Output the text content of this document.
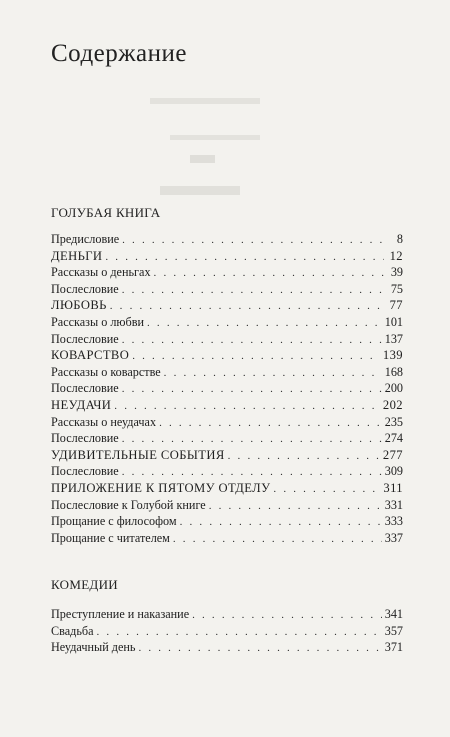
Содержание
ГОЛУБАЯ КНИГА
Предисловие . . .	8
ДЕНЬГИ . . .	12
Рассказы о деньгах . . .	39
Послесловие . . .	75
ЛЮБОВЬ . . .	77
Рассказы о любви . . .	101
Послесловие . . .	137
КОВАРСТВО . . .	139
Рассказы о коварстве . . .	168
Послесловие . . .	200
НЕУДАЧИ . . .	202
Рассказы о неудачах . . .	235
Послесловие . . .	274
УДИВИТЕЛЬНЫЕ СОБЫТИЯ . . .	277
Послесловие . . .	309
ПРИЛОЖЕНИЕ К ПЯТОМУ ОТДЕЛУ . . .	311
Послесловие к Голубой книге . . .	331
Прощание с философом . . .	333
Прощание с читателем . . .	337
КОМЕДИИ
Преступление и наказание . . .	341
Свадьба . . .	357
Неудачный день . . .	371
